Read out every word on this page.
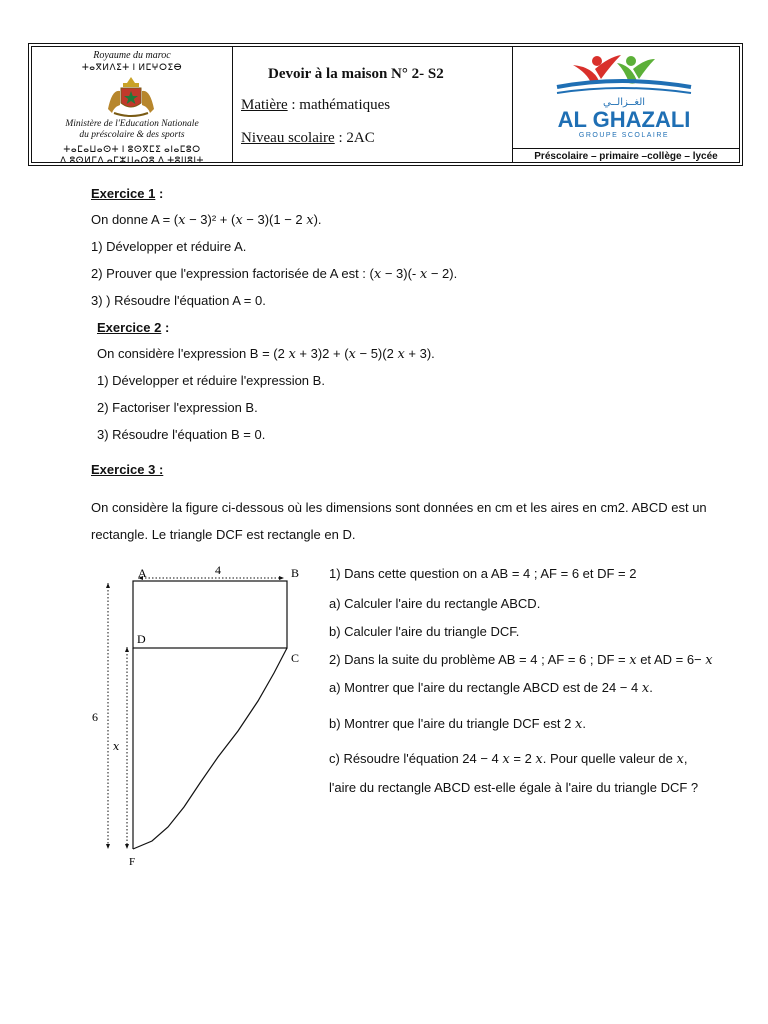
Royaume du maroc
ⵜⴰⴳⵍⴷⵉⵜ ⵏ ⵍⵎⵖⵔⵉⴱ
Ministère de l'Education Nationale
du préscolaire & des sports
ⵜⴰⵎⴰⵡⴰⵙⵜ ⵏ ⵓⵙⴳⵎⵉ ⴰⵏⴰⵎⵓⵔ
ⴷ ⵓⵙⵍⵎⴷ ⴰⵎⵣⵡⴰⵔⵓ ⴷ ⵜⵓⵏⵏⵓⵏⵜ
Devoir à la maison N° 2- S2
Matière : mathématiques
Niveau scolaire : 2AC
الغــزالــي
AL GHAZALI
GROUPE SCOLAIRE
Préscolaire – primaire –collège – lycée
Exercice 1 :
On donne A = (x − 3)² + (x − 3)(1 − 2 x).
1) Développer et réduire A.
2) Prouver que l'expression factorisée de A est : (x − 3)(- x − 2).
3) ) Résoudre l'équation A = 0.
Exercice 2 :
On considère l'expression B = (2 x + 3)2 + (x − 5)(2 x + 3).
1) Développer et réduire l'expression B.
2) Factoriser l'expression B.
3) Résoudre l'équation B = 0.
Exercice 3 :
On considère la figure ci-dessous où les dimensions sont données en cm et les aires en cm2. ABCD est un rectangle. Le triangle DCF est rectangle en D.
A	B
C
D
F
4
6
x
1) Dans cette question on a AB = 4 ; AF = 6 et DF = 2
a) Calculer l'aire du rectangle ABCD.
b) Calculer l'aire du triangle DCF.
2) Dans la suite du problème AB = 4 ; AF = 6 ; DF = x et AD = 6− x
a) Montrer que l'aire du rectangle ABCD est de 24 − 4 x.
b) Montrer que l'aire du triangle DCF est 2 x.
c) Résoudre l'équation 24 − 4 x = 2 x. Pour quelle valeur de x,
l'aire du rectangle ABCD est-elle égale à l'aire du triangle DCF ?
